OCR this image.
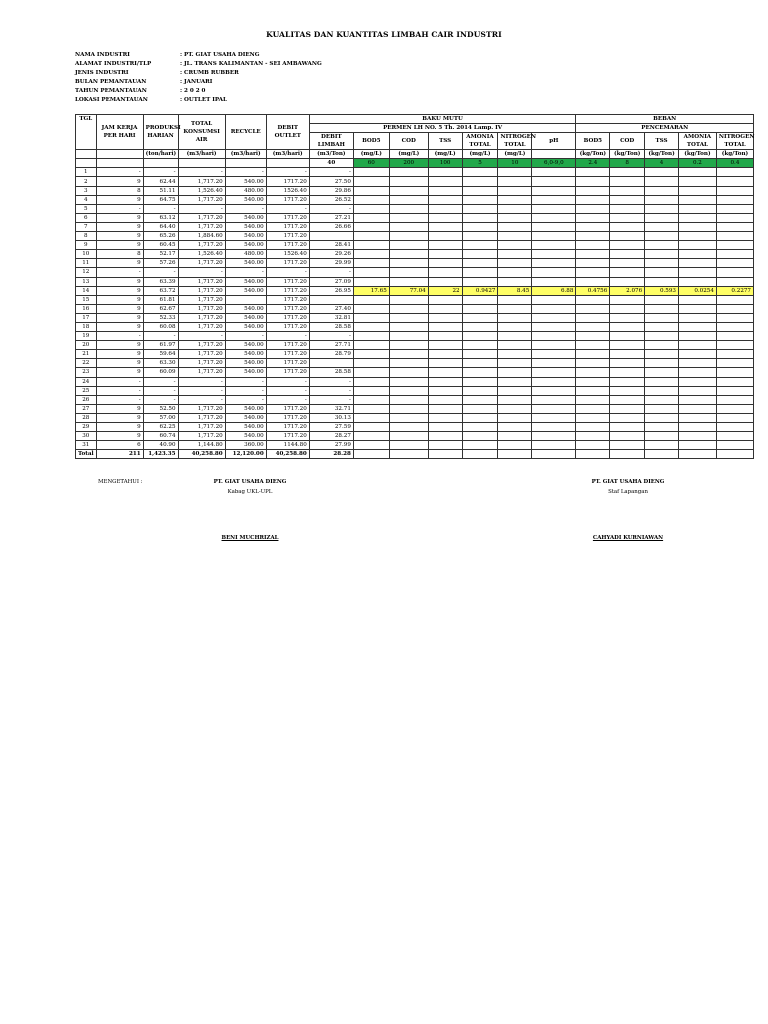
KUALITAS DAN KUANTITAS LIMBAH CAIR INDUSTRI
NAMA INDUSTRI	: PT. GIAT USAHA DIENG
ALAMAT INDUSTRI/TLP	: JL. TRANS KALIMANTAN - SEI AMBAWANG
JENIS INDUSTRI	: CRUMB RUBBER
BULAN PEMANTAUAN	: JANUARI
TAHUN PEMANTAUAN	: 2 0 2 0
LOKASI PEMANTAUAN	: OUTLET IPAL
TGL	JAM KERJA PER HARI	PRODUKSI HARIAN	TOTAL KONSUMSI AIR	RECYCLE	DEBIT OUTLET	BAKU MUTU							BEBAN				
						PERMEN LH NO. 5 Th. 2014 Lamp. IV							PENCEMARAN				
						DEBIT LIMBAH	BOD5	COD	TSS	AMONIA TOTAL	NITROGEN TOTAL	pH	BOD5	COD	TSS	AMONIA TOTAL	NITROGEN TOTAL
		(ton/hari)	(m3/hari)	(m3/hari)	(m3/hari)	(m3/Ton)	(mg/L)	(mg/L)	(mg/L)	(mg/L)	(mg/L)		(kg/Ton)	(kg/Ton)	(kg/Ton)	(kg/Ton)	(kg/Ton)
						40	60	200	100	5	10	6,0-9,0	2.4	8	4	0.2	0.4
1	-	-	-	-	-	-											
2	9	62.44	1,717.20	540.00	1717.20	27.50											
3	8	51.11	1,526.40	480.00	1526.40	29.86											
4	9	64.75	1,717.20	540.00	1717.20	26.52											
5	-	-	-	-	-	-											
6	9	63.12	1,717.20	540.00	1717.20	27.21											
7	9	64.40	1,717.20	540.00	1717.20	26.66											
8	9	65.26	1,884.60	540.00	1717.20												
9	9	60.45	1,717.20	540.00	1717.20	28.41											
10	8	52.17	1,526.40	480.00	1526.40	29.26											
11	9	57.26	1,717.20	540.00	1717.20	29.99											
12	-	-	-	-	-	-											
13	9	63.39	1,717.20	540.00	1717.20	27.09											
14	9	63.72	1,717.20	540.00	1717.20	26.95	17.65	77.04	22	0.9427	8.45	6.88	0.4756	2.076	0.593	0.0254	0.2277
15	9	61.81	1,717.20		1717.20												
16	9	62.67	1,717.20	540.00	1717.20	27.40											
17	9	52.33	1,717.20	540.00	1717.20	32.81											
18	9	60.08	1,717.20	540.00	1717.20	28.58											
19	-	-	-	-	-	-											
20	9	61.97	1,717.20	540.00	1717.20	27.71											
21	9	59.64	1,717.20	540.00	1717.20	28.79											
22	9	63.30	1,717.20	540.00	1717.20												
23	9	60.09	1,717.20	540.00	1717.20	28.58											
24	-	-	-	-	-	-											
25	-	-	-	-	-	-											
26	-	-	-	-	-	-											
27	9	52.50	1,717.20	540.00	1717.20	32.71											
28	9	57.00	1,717.20	540.00	1717.20	30.13											
29	9	62.25	1,717.20	540.00	1717.20	27.59											
30	9	60.74	1,717.20	540.00	1717.20	28.27											
31	6	40.90	1,144.80	360.00	1144.80	27.99											
Total	211	1,423.35	40,258.80	12,120.00	40,258.80	28.28											
MENGETAHUI :	PT. GIAT USAHA DIENG
Kabag UKL-UPL
BENI MUCHRIZAL
PT. GIAT USAHA DIENG
Staf Lapangan
CAHYADI KURNIAWAN
